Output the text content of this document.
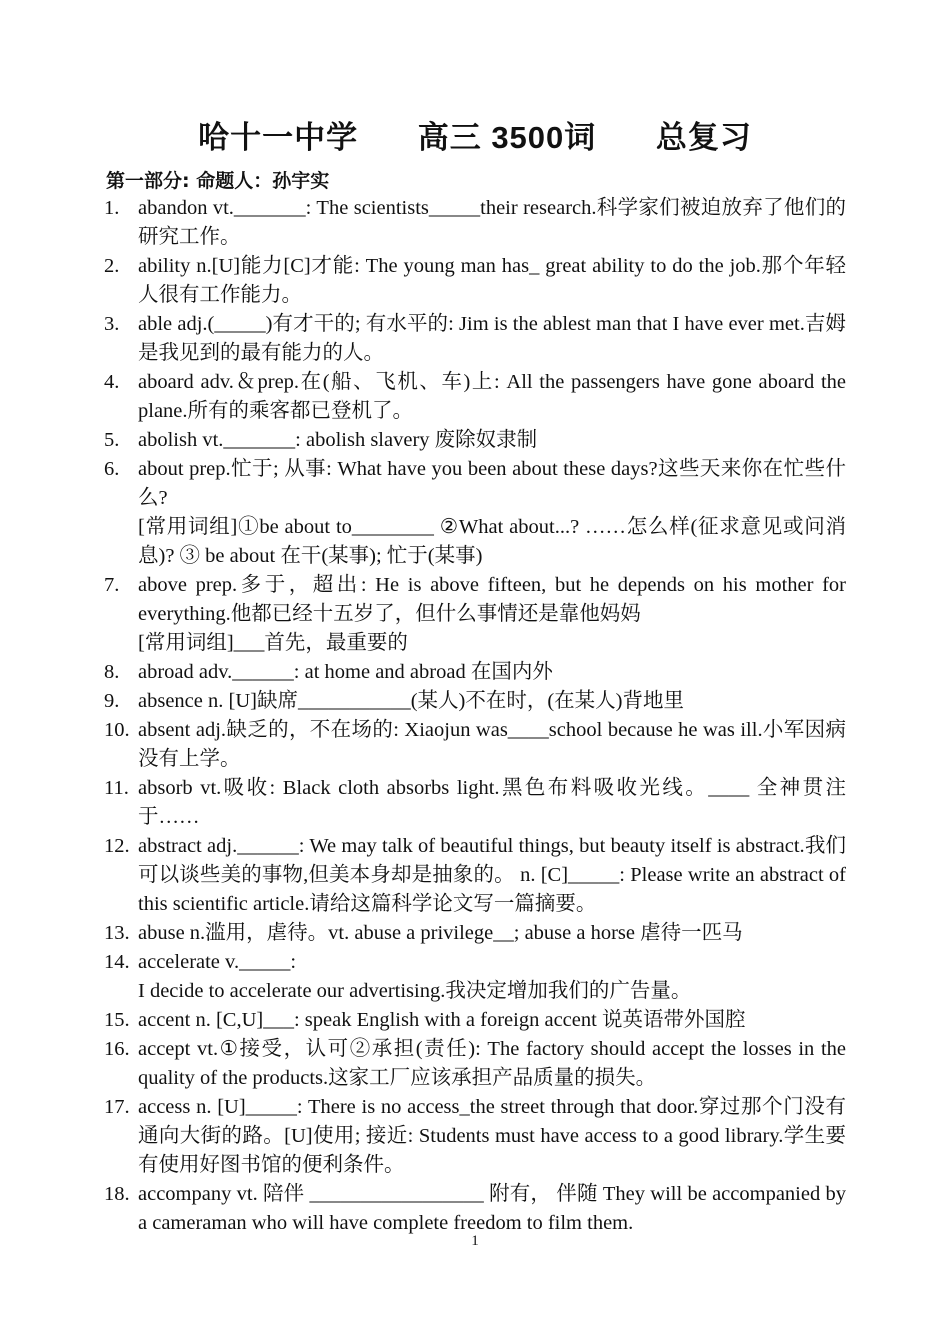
哈十一中学 高三 3500词 总复习
第一部分: 命题人：孙宇实
1. abandon vt._______: The scientists_____their research.科学家们被迫放弃了他们的研究工作。
2. ability n.[U]能力[C]才能: The young man has_ great ability to do the job.那个年轻人很有工作能力。
3. able adj.(_____)有才干的; 有水平的: Jim is the ablest man that I have ever met.吉姆是我见到的最有能力的人。
4. aboard adv.＆prep.在(船、飞机、车)上: All the passengers have gone aboard the plane.所有的乘客都已登机了。
5. abolish vt._______: abolish slavery 废除奴隶制
6. about prep.忙于; 从事: What have you been about these days?这些天来你在忙些什么?
[常用词组]①be about to________ ②What about...? ……怎么样(征求意见或问消息)? ③ be about 在干(某事); 忙于(某事)
7. above prep.多于，超出: He is above fifteen, but he depends on his mother for everything.他都已经十五岁了，但什么事情还是靠他妈妈
[常用词组]___首先，最重要的
8. abroad adv.______: at home and abroad 在国内外
9. absence n. [U]缺席___________(某人)不在时，(在某人)背地里
10. absent adj.缺乏的，不在场的: Xiaojun was____school because he was ill.小军因病没有上学。
11. absorb vt.吸收: Black cloth absorbs light.黑色布料吸收光线。____ 全神贯注于……
12. abstract adj.______: We may talk of beautiful things, but beauty itself is abstract.我们可以谈些美的事物,但美本身却是抽象的。 n. [C]_____: Please write an abstract of this scientific article.请给这篇科学论文写一篇摘要。
13. abuse n.滥用，虐待。vt. abuse a privilege__; abuse a horse 虐待一匹马
14. accelerate v._____:
I decide to accelerate our advertising.我决定增加我们的广告量。
15. accent n. [C,U]___: speak English with a foreign accent 说英语带外国腔
16. accept vt.①接受，认可②承担(责任): The factory should accept the losses in the quality of the products.这家工厂应该承担产品质量的损失。
17. access n. [U]_____: There is no access_the street through that door.穿过那个门没有通向大街的路。[U]使用; 接近: Students must have access to a good library.学生要有使用好图书馆的便利条件。
18. accompany vt. 陪伴 _________________ 附有， 伴随 They will be accompanied by a cameraman who will have complete freedom to film them.
1
